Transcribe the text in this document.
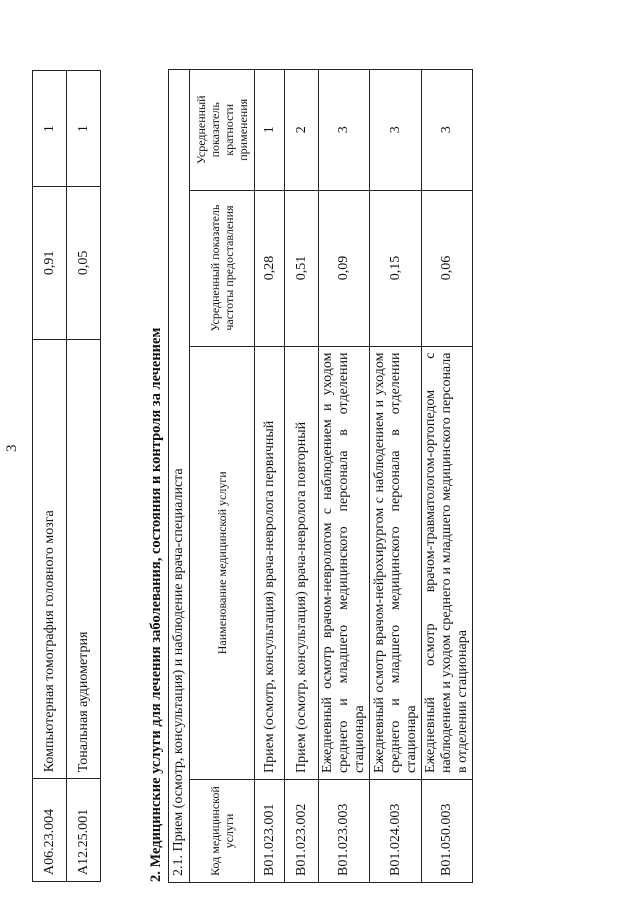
3
A06.23.004	Компьютерная томография головного мозга	0,91	1
A12.25.001	Тональная аудиометрия	0,05	1
2. Медицинские услуги для лечения заболевания, состояния и контроля за лечением 2.1. Прием (осмотр, консультация) и наблюдение врача-специалиста			
Код медицинской услуги	Наименование медицинской услуги	Усредненный показатель частоты предоставления	Усредненный показатель кратности применения
B01.023.001	Прием (осмотр, консультация) врача-невролога первичный	0,28	1
B01.023.002	Прием (осмотр, консультация) врача-невролога повторный	0,51	2
B01.023.003	Ежедневный осмотр врачом-неврологом с наблюдением и уходом среднего и младшего медицинского персонала в отделении стационара	0,09	3
B01.024.003	Ежедневный осмотр врачом-нейрохирургом с наблюдением и уходом среднего и младшего медицинского персонала в отделении стационара	0,15	3
B01.050.003	Ежедневный осмотр врачом-травматологом-ортопедом с наблюдением и уходом среднего и младшего медицинского персонала в отделении стационара	0,06	3
